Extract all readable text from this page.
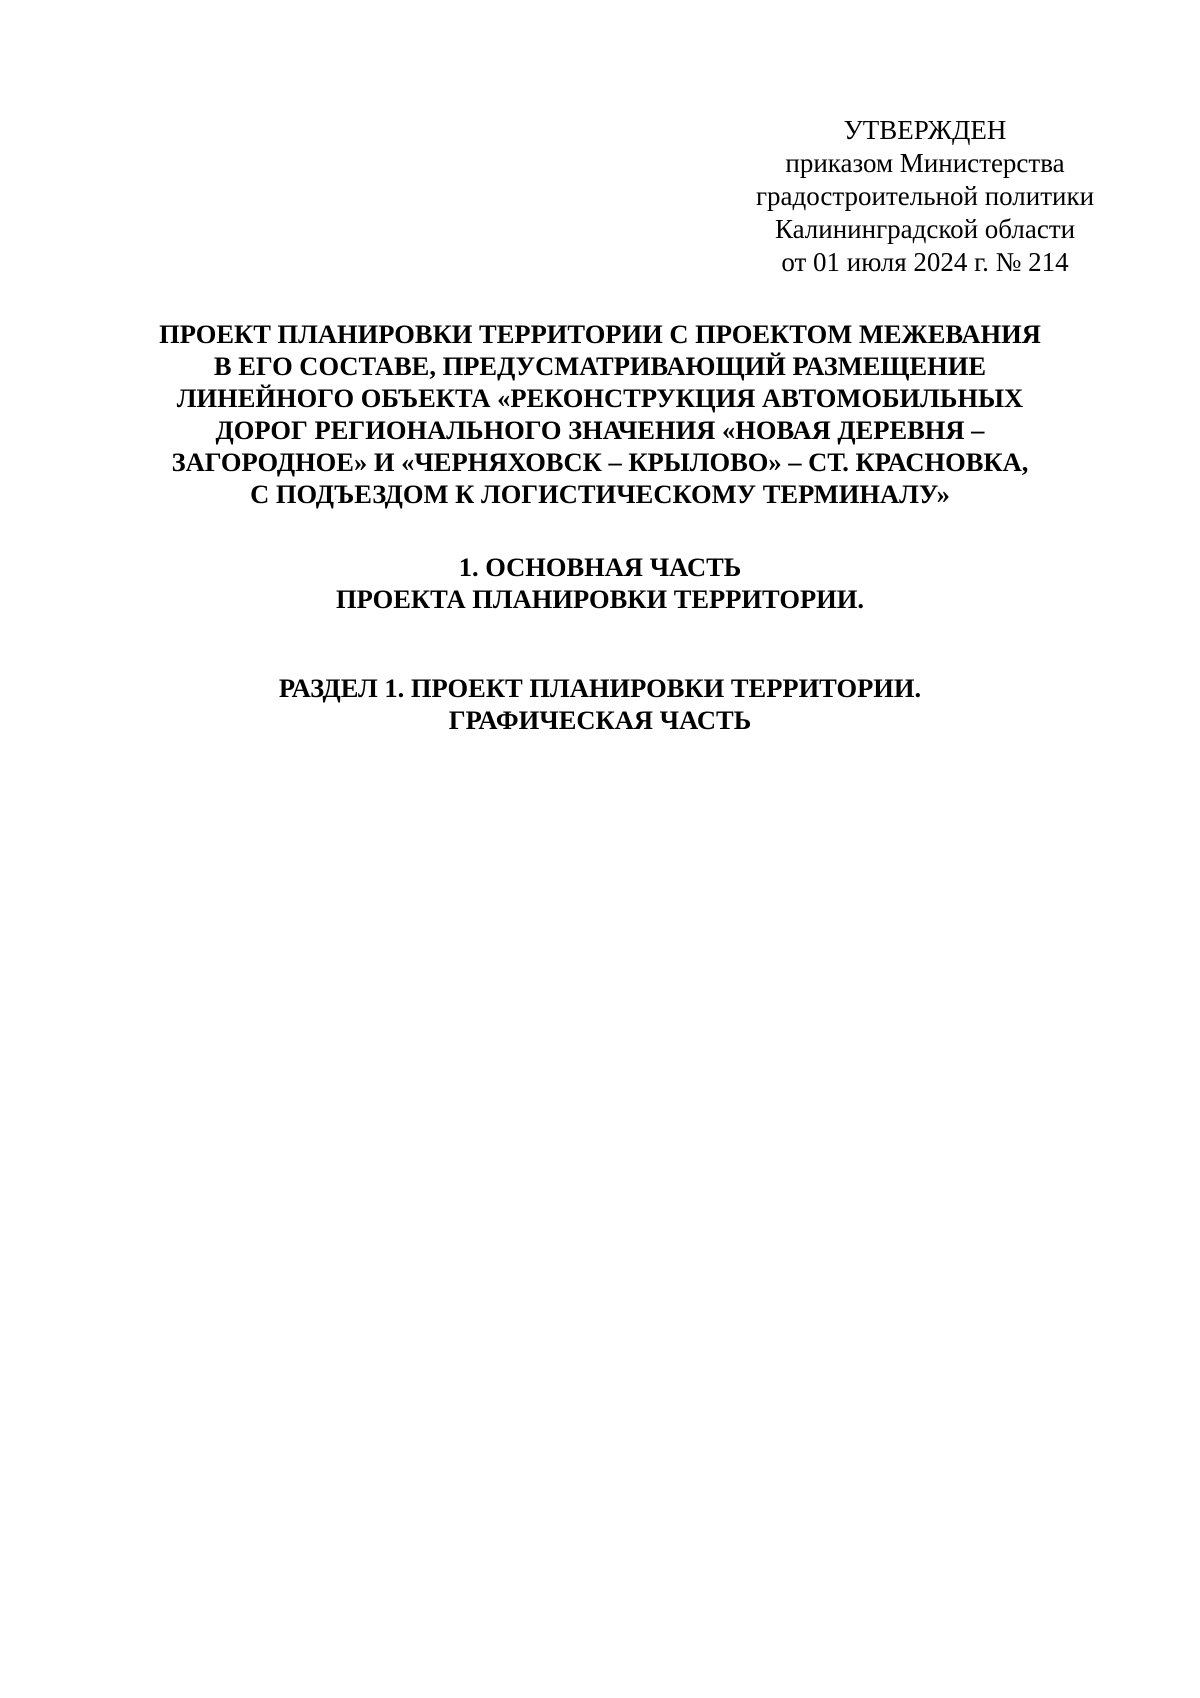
УТВЕРЖДЕН
приказом Министерства
градостроительной политики
Калининградской области
от 01 июля 2024 г. № 214
ПРОЕКТ ПЛАНИРОВКИ ТЕРРИТОРИИ С ПРОЕКТОМ МЕЖЕВАНИЯ
В ЕГО СОСТАВЕ, ПРЕДУСМАТРИВАЮЩИЙ РАЗМЕЩЕНИЕ
ЛИНЕЙНОГО ОБЪЕКТА «РЕКОНСТРУКЦИЯ АВТОМОБИЛЬНЫХ
ДОРОГ РЕГИОНАЛЬНОГО ЗНАЧЕНИЯ «НОВАЯ ДЕРЕВНЯ –
ЗАГОРОДНОЕ» И «ЧЕРНЯХОВСК – КРЫЛОВО» – СТ. КРАСНОВКА,
С ПОДЪЕЗДОМ К ЛОГИСТИЧЕСКОМУ ТЕРМИНАЛУ»
1. ОСНОВНАЯ ЧАСТЬ
ПРОЕКТА ПЛАНИРОВКИ ТЕРРИТОРИИ.
РАЗДЕЛ 1. ПРОЕКТ ПЛАНИРОВКИ ТЕРРИТОРИИ.
ГРАФИЧЕСКАЯ ЧАСТЬ
